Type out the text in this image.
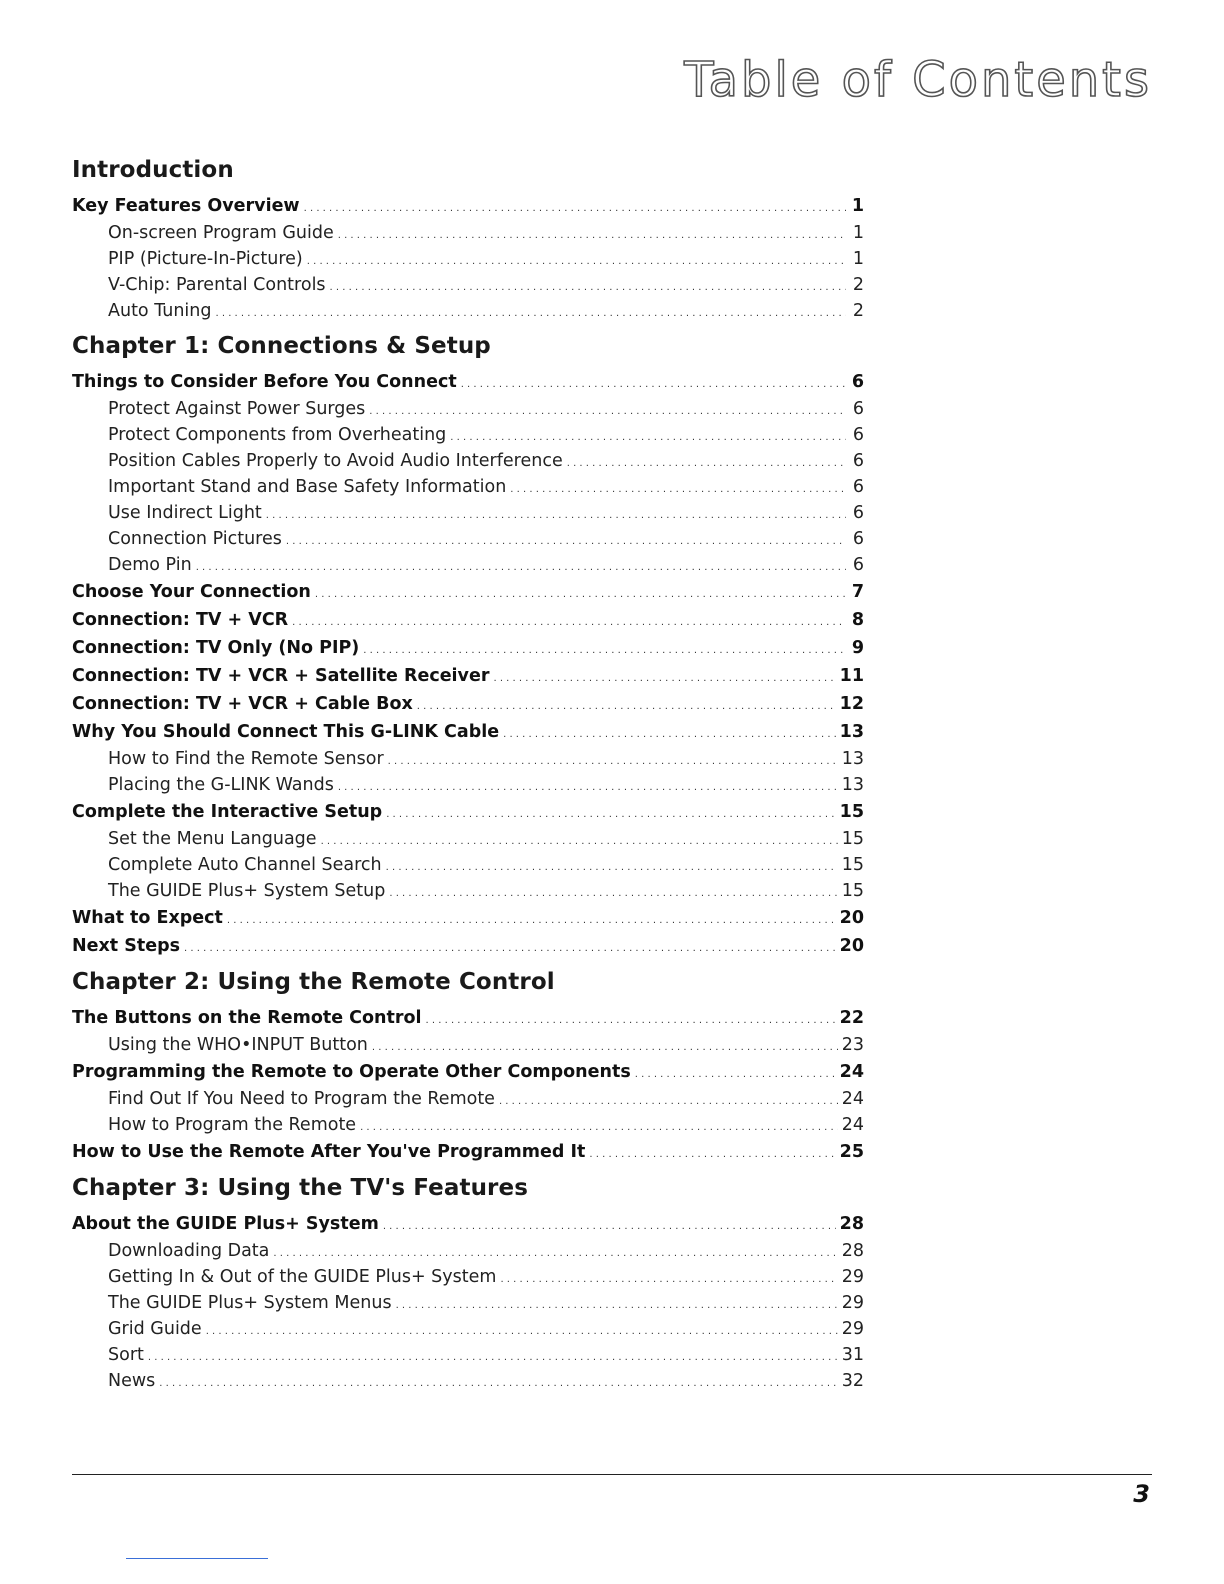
Table of Contents
Introduction
Key Features Overview . . .	1
On-screen Program Guide . . .	1
PIP (Picture-In-Picture) . . .	1
V-Chip: Parental Controls . . .	2
Auto Tuning . . .	2
Chapter 1: Connections & Setup
Things to Consider Before You Connect . . .	6
Protect Against Power Surges . . .	6
Protect Components from Overheating . . .	6
Position Cables Properly to Avoid Audio Interference . . .	6
Important Stand and Base Safety Information . . .	6
Use Indirect Light . . .	6
Connection Pictures . . .	6
Demo Pin . . .	6
Choose Your Connection . . .	7
Connection: TV + VCR . . .	8
Connection: TV Only (No PIP) . . .	9
Connection: TV + VCR + Satellite Receiver . . .	11
Connection: TV + VCR + Cable Box . . .	12
Why You Should Connect This G-LINK Cable . . .	13
How to Find the Remote Sensor . . .	13
Placing the G-LINK Wands . . .	13
Complete the Interactive Setup . . .	15
Set the Menu Language . . .	15
Complete Auto Channel Search . . .	15
The GUIDE Plus+ System Setup . . .	15
What to Expect . . .	20
Next Steps . . .	20
Chapter 2: Using the Remote Control
The Buttons on the Remote Control . . .	22
Using the WHO•INPUT Button . . .	23
Programming the Remote to Operate Other Components . . .	24
Find Out If You Need to Program the Remote . . .	24
How to Program the Remote . . .	24
How to Use the Remote After You've Programmed It . . .	25
Chapter 3: Using the TV's Features
About the GUIDE Plus+ System . . .	28
Downloading Data . . .	28
Getting In & Out of the GUIDE Plus+ System . . .	29
The GUIDE Plus+ System Menus . . .	29
Grid Guide . . .	29
Sort . . .	31
News . . .	32
3
